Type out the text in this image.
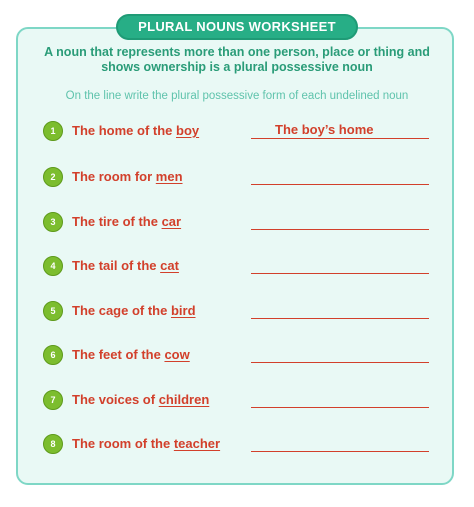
PLURAL NOUNS WORKSHEET
A noun that represents more than one person, place or thing and
shows ownership is a plural possessive noun
On the line write the plural possessive form of each undelined noun
1	The home of the boy	The boy’s home
2	The room for men
3	The tire of the car
4	The tail of the cat
5	The cage of the bird
6	The feet of the cow
7	The voices of children
8	The room of the teacher
